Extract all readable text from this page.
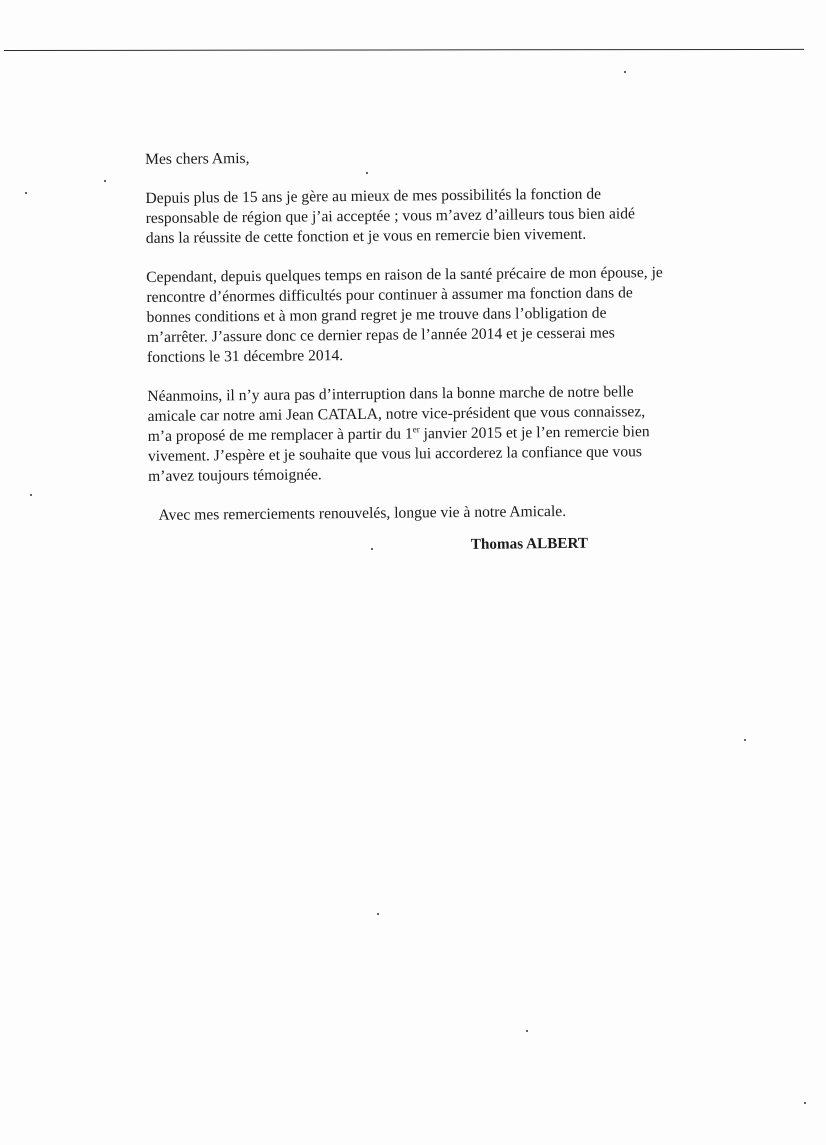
Mes chers Amis,
Depuis plus de 15 ans je gère au mieux de mes possibilités la fonction de
responsable de région que j’ai acceptée ; vous m’avez d’ailleurs tous bien aidé
dans la réussite de cette fonction et je vous en remercie bien vivement.
Cependant, depuis quelques temps en raison de la santé précaire de mon épouse, je
rencontre d’énormes difficultés pour continuer à assumer ma fonction dans de
bonnes conditions et à mon grand regret je me trouve dans l’obligation de
m’arrêter. J’assure donc ce dernier repas de l’année 2014 et je cesserai mes
fonctions le 31 décembre 2014.
Néanmoins, il n’y aura pas d’interruption dans la bonne marche de notre belle
amicale car notre ami Jean CATALA, notre vice-président que vous connaissez,
m’a proposé de me remplacer à partir du 1er janvier 2015 et je l’en remercie bien
vivement. J’espère et je souhaite que vous lui accorderez la confiance que vous
m’avez toujours témoignée.
Avec mes remerciements renouvelés, longue vie à notre Amicale.
Thomas ALBERT
